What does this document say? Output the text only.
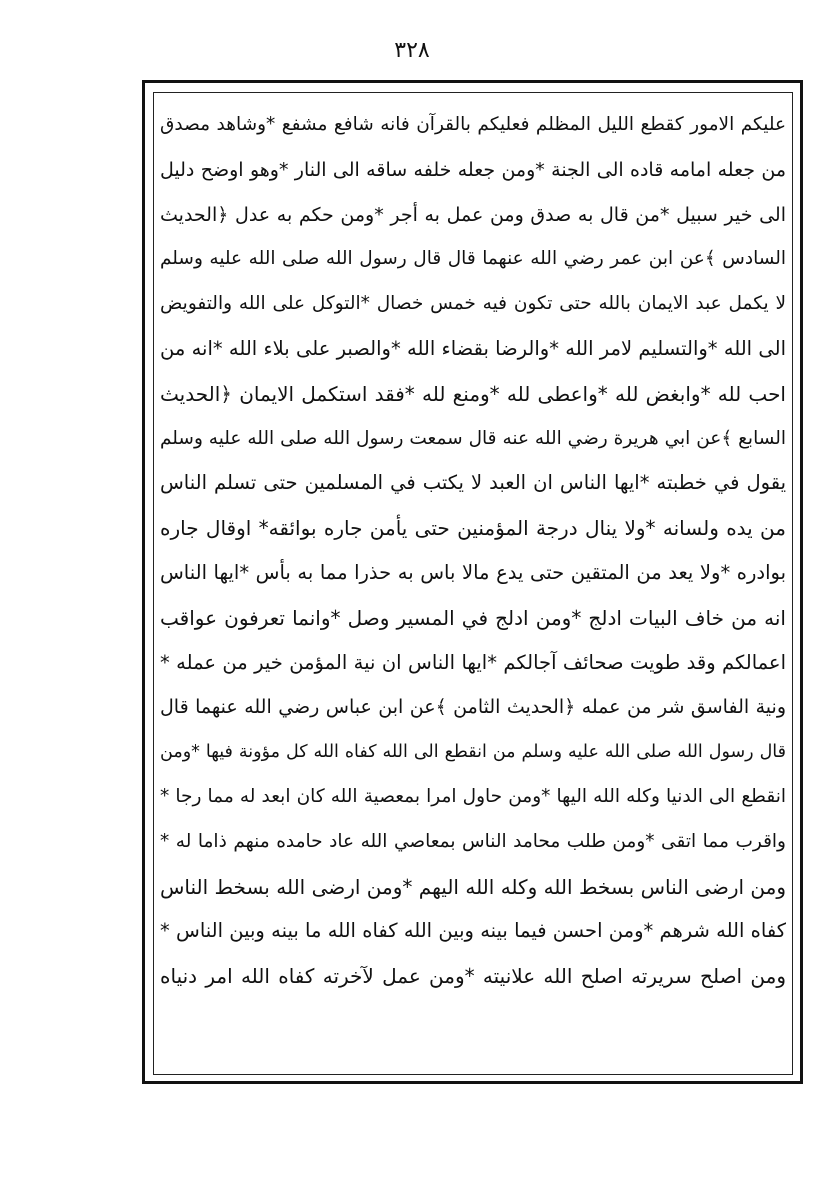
۳۲۸
عليكم الامور كقطع الليل المظلم فعليكم بالقرآن فانه شافع مشفع *وشاهد مصدق
من جعله امامه قاده الى الجنة *ومن جعله خلفه ساقه الى النار *وهو اوضح دليل
الى خير سبيل *من قال به صدق ومن عمل به أجر *ومن حكم به عدل ﴿الحديث
السادس ﴾عن ابن عمر رضي الله عنهما قال قال رسول الله صلى الله عليه وسلم
لا يكمل عبد الايمان بالله حتى تكون فيه خمس خصال *التوكل على الله والتفويض
الى الله *والتسليم لامر الله *والرضا بقضاء الله *والصبر على بلاء الله *انه من
احب لله *وابغض لله *واعطى لله *ومنع لله *فقد استكمل الايمان ﴿الحديث
السابع ﴾عن ابي هريرة رضي الله عنه قال سمعت رسول الله صلى الله عليه وسلم
يقول في خطبته *ايها الناس ان العبد لا يكتب في المسلمين حتى تسلم الناس
من يده ولسانه *ولا ينال درجة المؤمنين حتى يأمن جاره بوائقه* اوقال جاره
بوادره *ولا يعد من المتقين حتى يدع مالا باس به حذرا مما به بأس *ايها الناس
انه من خاف البيات ادلج *ومن ادلج في المسير وصل *وانما تعرفون عواقب
اعمالكم وقد طويت صحائف آجالكم *ايها الناس ان نية المؤمن خير من عمله *
ونية الفاسق شر من عمله ﴿الحديث الثامن ﴾عن ابن عباس رضي الله عنهما قال
قال رسول الله صلى الله عليه وسلم من انقطع الى الله كفاه الله كل مؤونة فيها *ومن
انقطع الى الدنيا وكله الله اليها *ومن حاول امرا بمعصية الله كان ابعد له مما رجا *
واقرب مما اتقى *ومن طلب محامد الناس بمعاصي الله عاد حامده منهم ذاما له *
ومن ارضى الناس بسخط الله وكله الله اليهم *ومن ارضى الله بسخط الناس
كفاه الله شرهم *ومن احسن فيما بينه وبين الله كفاه الله ما بينه وبين الناس *
ومن اصلح سريرته اصلح الله علانيته *ومن عمل لآخرته كفاه الله امر دنياه
